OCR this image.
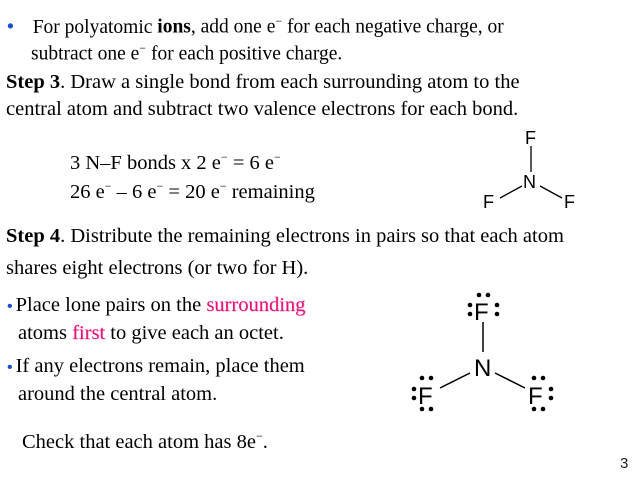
• For polyatomic ions, add one e− for each negative charge, or
subtract one e− for each positive charge.
Step 3. Draw a single bond from each surrounding atom to the
central atom and subtract two valence electrons for each bond.
3 N–F bonds x 2 e− = 6 e−
26 e− – 6 e− = 20 e− remaining
F
N
F	F
Step 4. Distribute the remaining electrons in pairs so that each atom
shares eight electrons (or two for H).
• Place lone pairs on the surrounding
atoms first to give each an octet.
• If any electrons remain, place them
around the central atom.
F
N
F	F
Check that each atom has 8e−.
3
